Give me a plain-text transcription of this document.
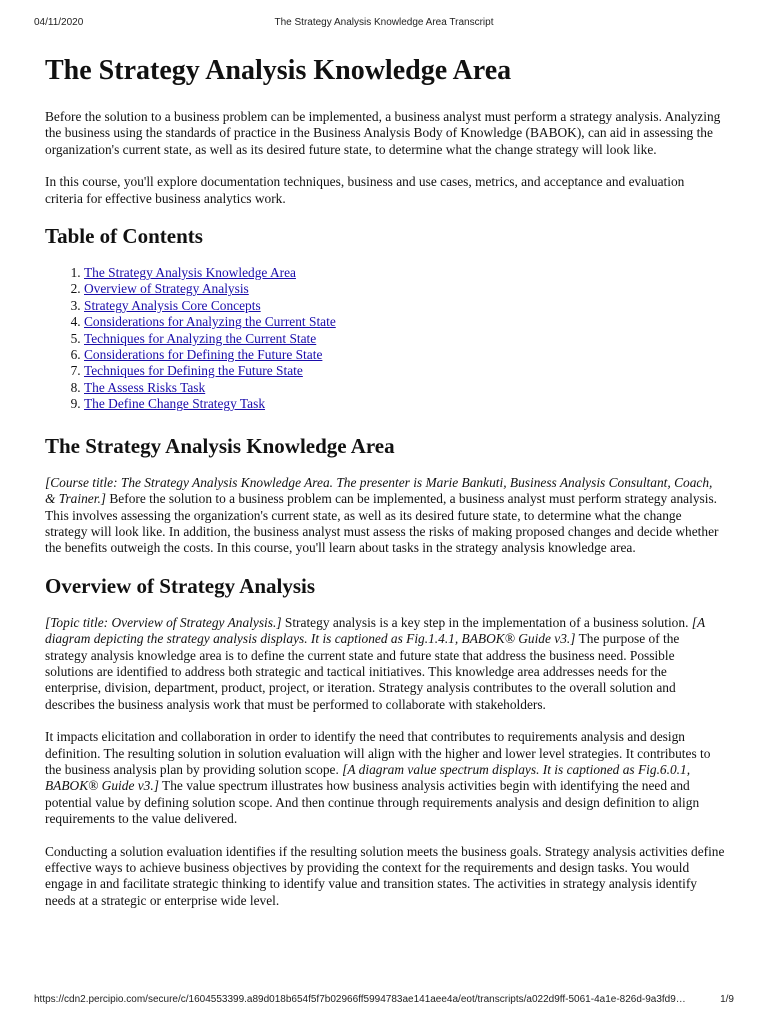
04/11/2020	The Strategy Analysis Knowledge Area Transcript
The Strategy Analysis Knowledge Area

Before the solution to a business problem can be implemented, a business analyst must perform a strategy analysis. Analyzing the business using the standards of practice in the Business Analysis Body of Knowledge (BABOK), can aid in assessing the organization's current state, as well as its desired future state, to determine what the change strategy will look like.

In this course, you'll explore documentation techniques, business and use cases, metrics, and acceptance and evaluation criteria for effective business analytics work.

Table of Contents
1. The Strategy Analysis Knowledge Area
2. Overview of Strategy Analysis
3. Strategy Analysis Core Concepts
4. Considerations for Analyzing the Current State
5. Techniques for Analyzing the Current State
6. Considerations for Defining the Future State
7. Techniques for Defining the Future State
8. The Assess Risks Task
9. The Define Change Strategy Task
The Strategy Analysis Knowledge Area

[Course title: The Strategy Analysis Knowledge Area. The presenter is Marie Bankuti, Business Analysis Consultant, Coach, & Trainer.] Before the solution to a business problem can be implemented, a business analyst must perform strategy analysis. This involves assessing the organization's current state, as well as its desired future state, to determine what the change strategy will look like. In addition, the business analyst must assess the risks of making proposed changes and decide whether the benefits outweigh the costs. In this course, you'll learn about tasks in the strategy analysis knowledge area.

Overview of Strategy Analysis

[Topic title: Overview of Strategy Analysis.] Strategy analysis is a key step in the implementation of a business solution. [A diagram depicting the strategy analysis displays. It is captioned as Fig.1.4.1, BABOK® Guide v3.] The purpose of the strategy analysis knowledge area is to define the current state and future state that address the business need. Possible solutions are identified to address both strategic and tactical initiatives. This knowledge area addresses needs for the enterprise, division, department, product, project, or iteration. Strategy analysis contributes to the overall solution and describes the business analysis work that must be performed to collaborate with stakeholders.

It impacts elicitation and collaboration in order to identify the need that contributes to requirements analysis and design definition. The resulting solution in solution evaluation will align with the higher and lower level strategies. It contributes to the business analysis plan by providing solution scope. [A diagram value spectrum displays. It is captioned as Fig.6.0.1, BABOK® Guide v3.] The value spectrum illustrates how business analysis activities begin with identifying the need and potential value by defining solution scope. And then continue through requirements analysis and design definition to align requirements to the value delivered.

Conducting a solution evaluation identifies if the resulting solution meets the business goals. Strategy analysis activities define effective ways to achieve business objectives by providing the context for the requirements and design tasks. You would engage in and facilitate strategic thinking to identify value and transition states. The activities in strategy analysis identify needs at a strategic or enterprise wide level.

https://cdn2.percipio.com/secure/c/1604553399.a89d018b654f5f7b02966ff5994783ae141aee4a/eot/transcripts/a022d9ff-5061-4a1e-826d-9a3fd9…	1/9
